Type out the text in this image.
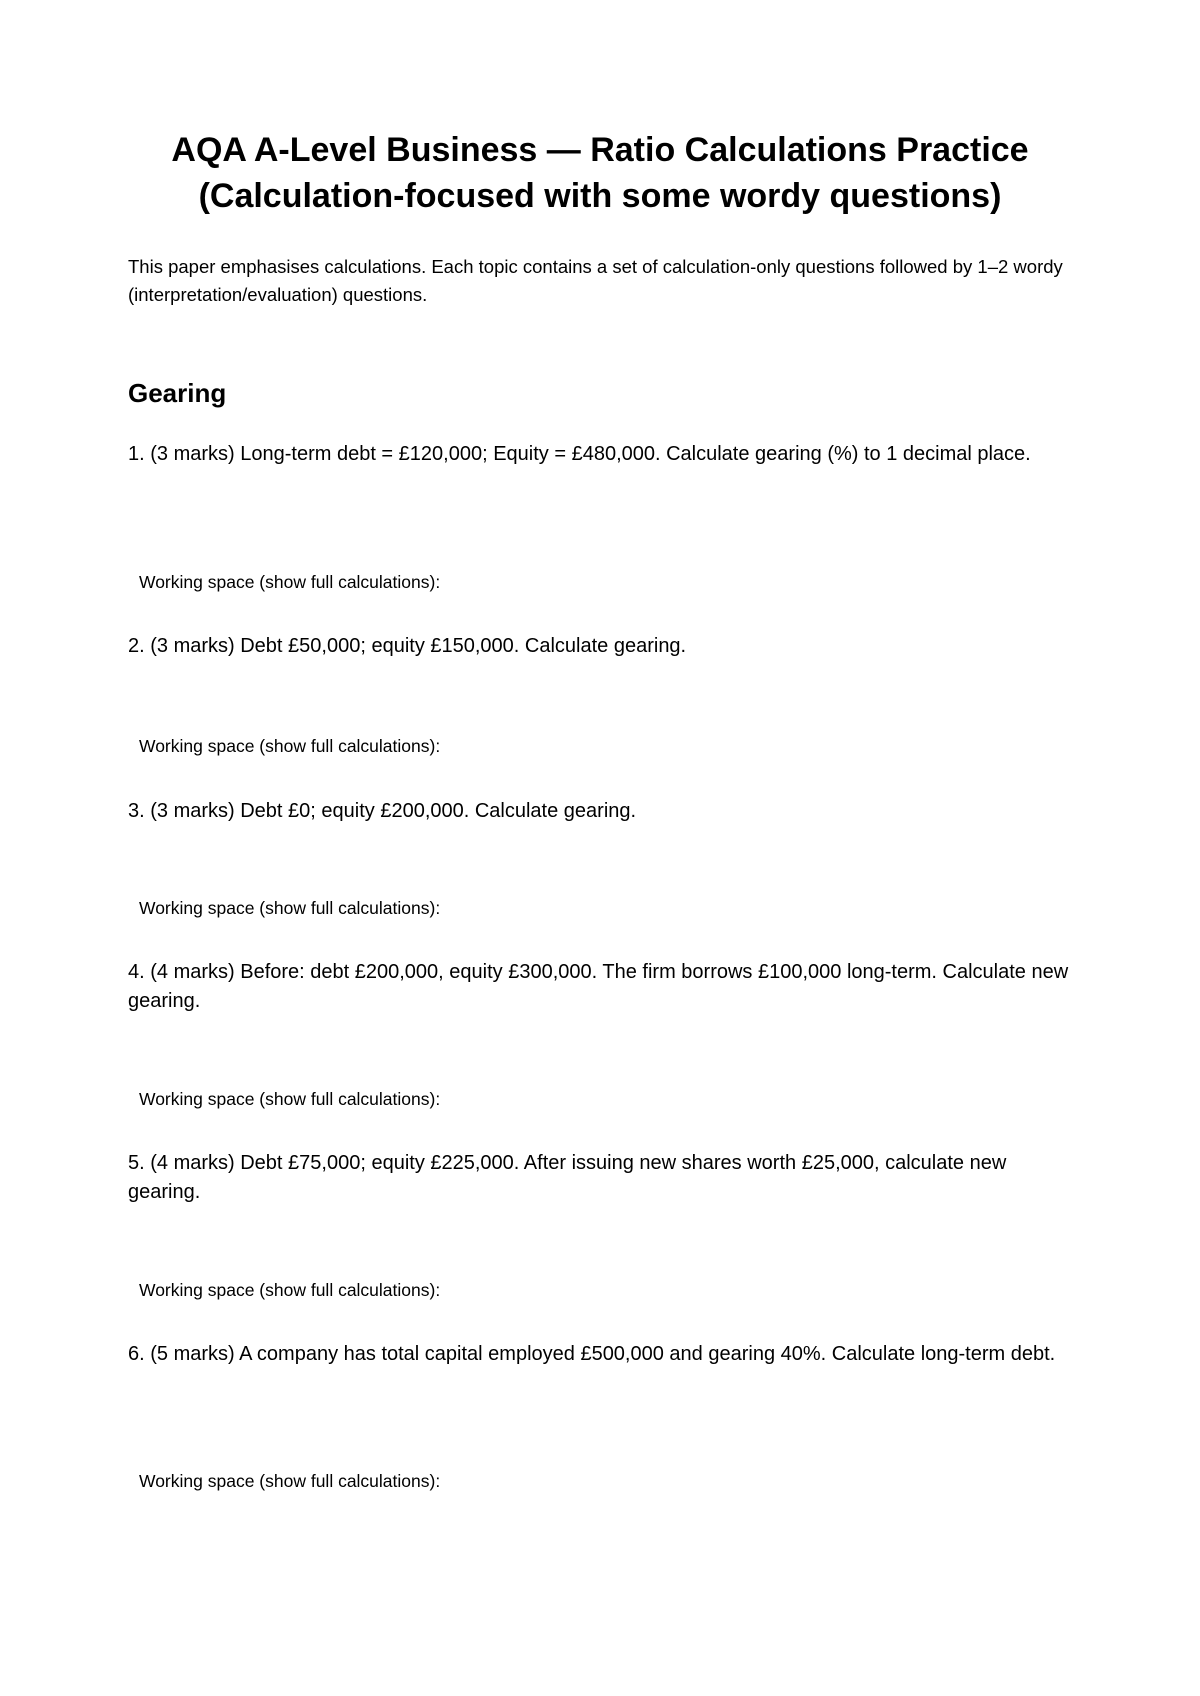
AQA A-Level Business — Ratio Calculations Practice
(Calculation-focused with some wordy questions)

This paper emphasises calculations. Each topic contains a set of calculation-only questions followed by 1–2 wordy (interpretation/evaluation) questions.

Gearing

1. (3 marks) Long-term debt = £120,000; Equity = £480,000. Calculate gearing (%) to 1 decimal place.

Working space (show full calculations):

2. (3 marks) Debt £50,000; equity £150,000. Calculate gearing.

Working space (show full calculations):

3. (3 marks) Debt £0; equity £200,000. Calculate gearing.

Working space (show full calculations):

4. (4 marks) Before: debt £200,000, equity £300,000. The firm borrows £100,000 long-term. Calculate new gearing.

Working space (show full calculations):

5. (4 marks) Debt £75,000; equity £225,000. After issuing new shares worth £25,000, calculate new gearing.

Working space (show full calculations):

6. (5 marks) A company has total capital employed £500,000 and gearing 40%. Calculate long-term debt.

Working space (show full calculations):
